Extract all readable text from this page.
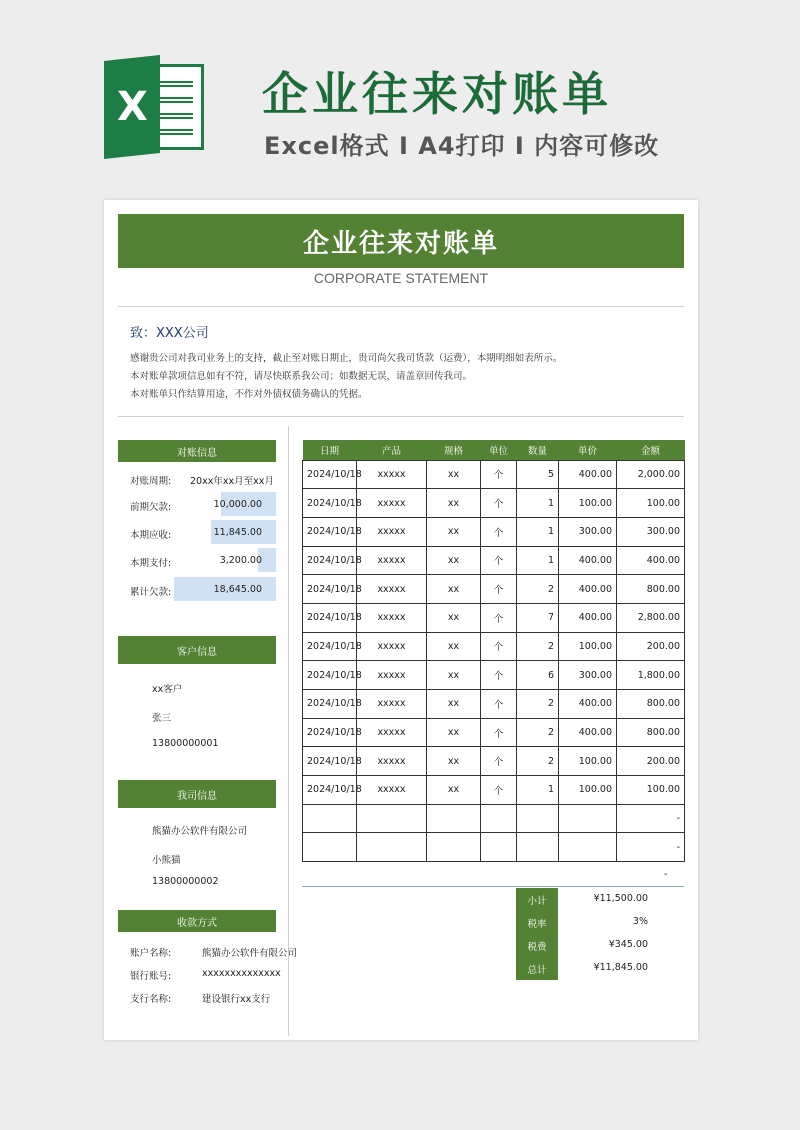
X 企业往来对账单
Excel格式 I A4打印 I 内容可修改
企业往来对账单
CORPORATE STATEMENT
致：XXX公司

感谢贵公司对我司业务上的支持，截止至对账日期止，贵司尚欠我司货款（运费），本期明细如表所示。

本对账单款项信息如有不符，请尽快联系我公司；如数据无误，请盖章回传我司。

本对账单只作结算用途，不作对外债权债务确认的凭据。

对账信息
对账周期: 20xx年xx月至xx月
前期欠款:	10,000.00
本期应收:	11,845.00
本期支付:	3,200.00
累计欠款:	18,645.00
客户信息
xx客户
张三
13800000001
我司信息
熊猫办公软件有限公司
小熊猫
13800000002
收款方式
账户名称:	熊猫办公软件有限公司
银行账号:	xxxxxxxxxxxxxx
支行名称:	建设银行xx支行
日期	产品	规格	单位	数量	单价	金额
2024/10/18	xxxxx	xx	个	5	400.00	2,000.00
2024/10/18	xxxxx	xx	个	1	100.00	100.00
2024/10/18	xxxxx	xx	个	1	300.00	300.00
2024/10/18	xxxxx	xx	个	1	400.00	400.00
2024/10/18	xxxxx	xx	个	2	400.00	800.00
2024/10/18	xxxxx	xx	个	7	400.00	2,800.00
2024/10/18	xxxxx	xx	个	2	100.00	200.00
2024/10/18	xxxxx	xx	个	6	300.00	1,800.00
2024/10/18	xxxxx	xx	个	2	400.00	800.00
2024/10/18	xxxxx	xx	个	2	400.00	800.00
2024/10/18	xxxxx	xx	个	2	100.00	200.00
2024/10/18	xxxxx	xx	个	1	100.00	100.00
						-
						-
-
小计	¥11,500.00
税率	3%
税费	¥345.00
总计	¥11,845.00
